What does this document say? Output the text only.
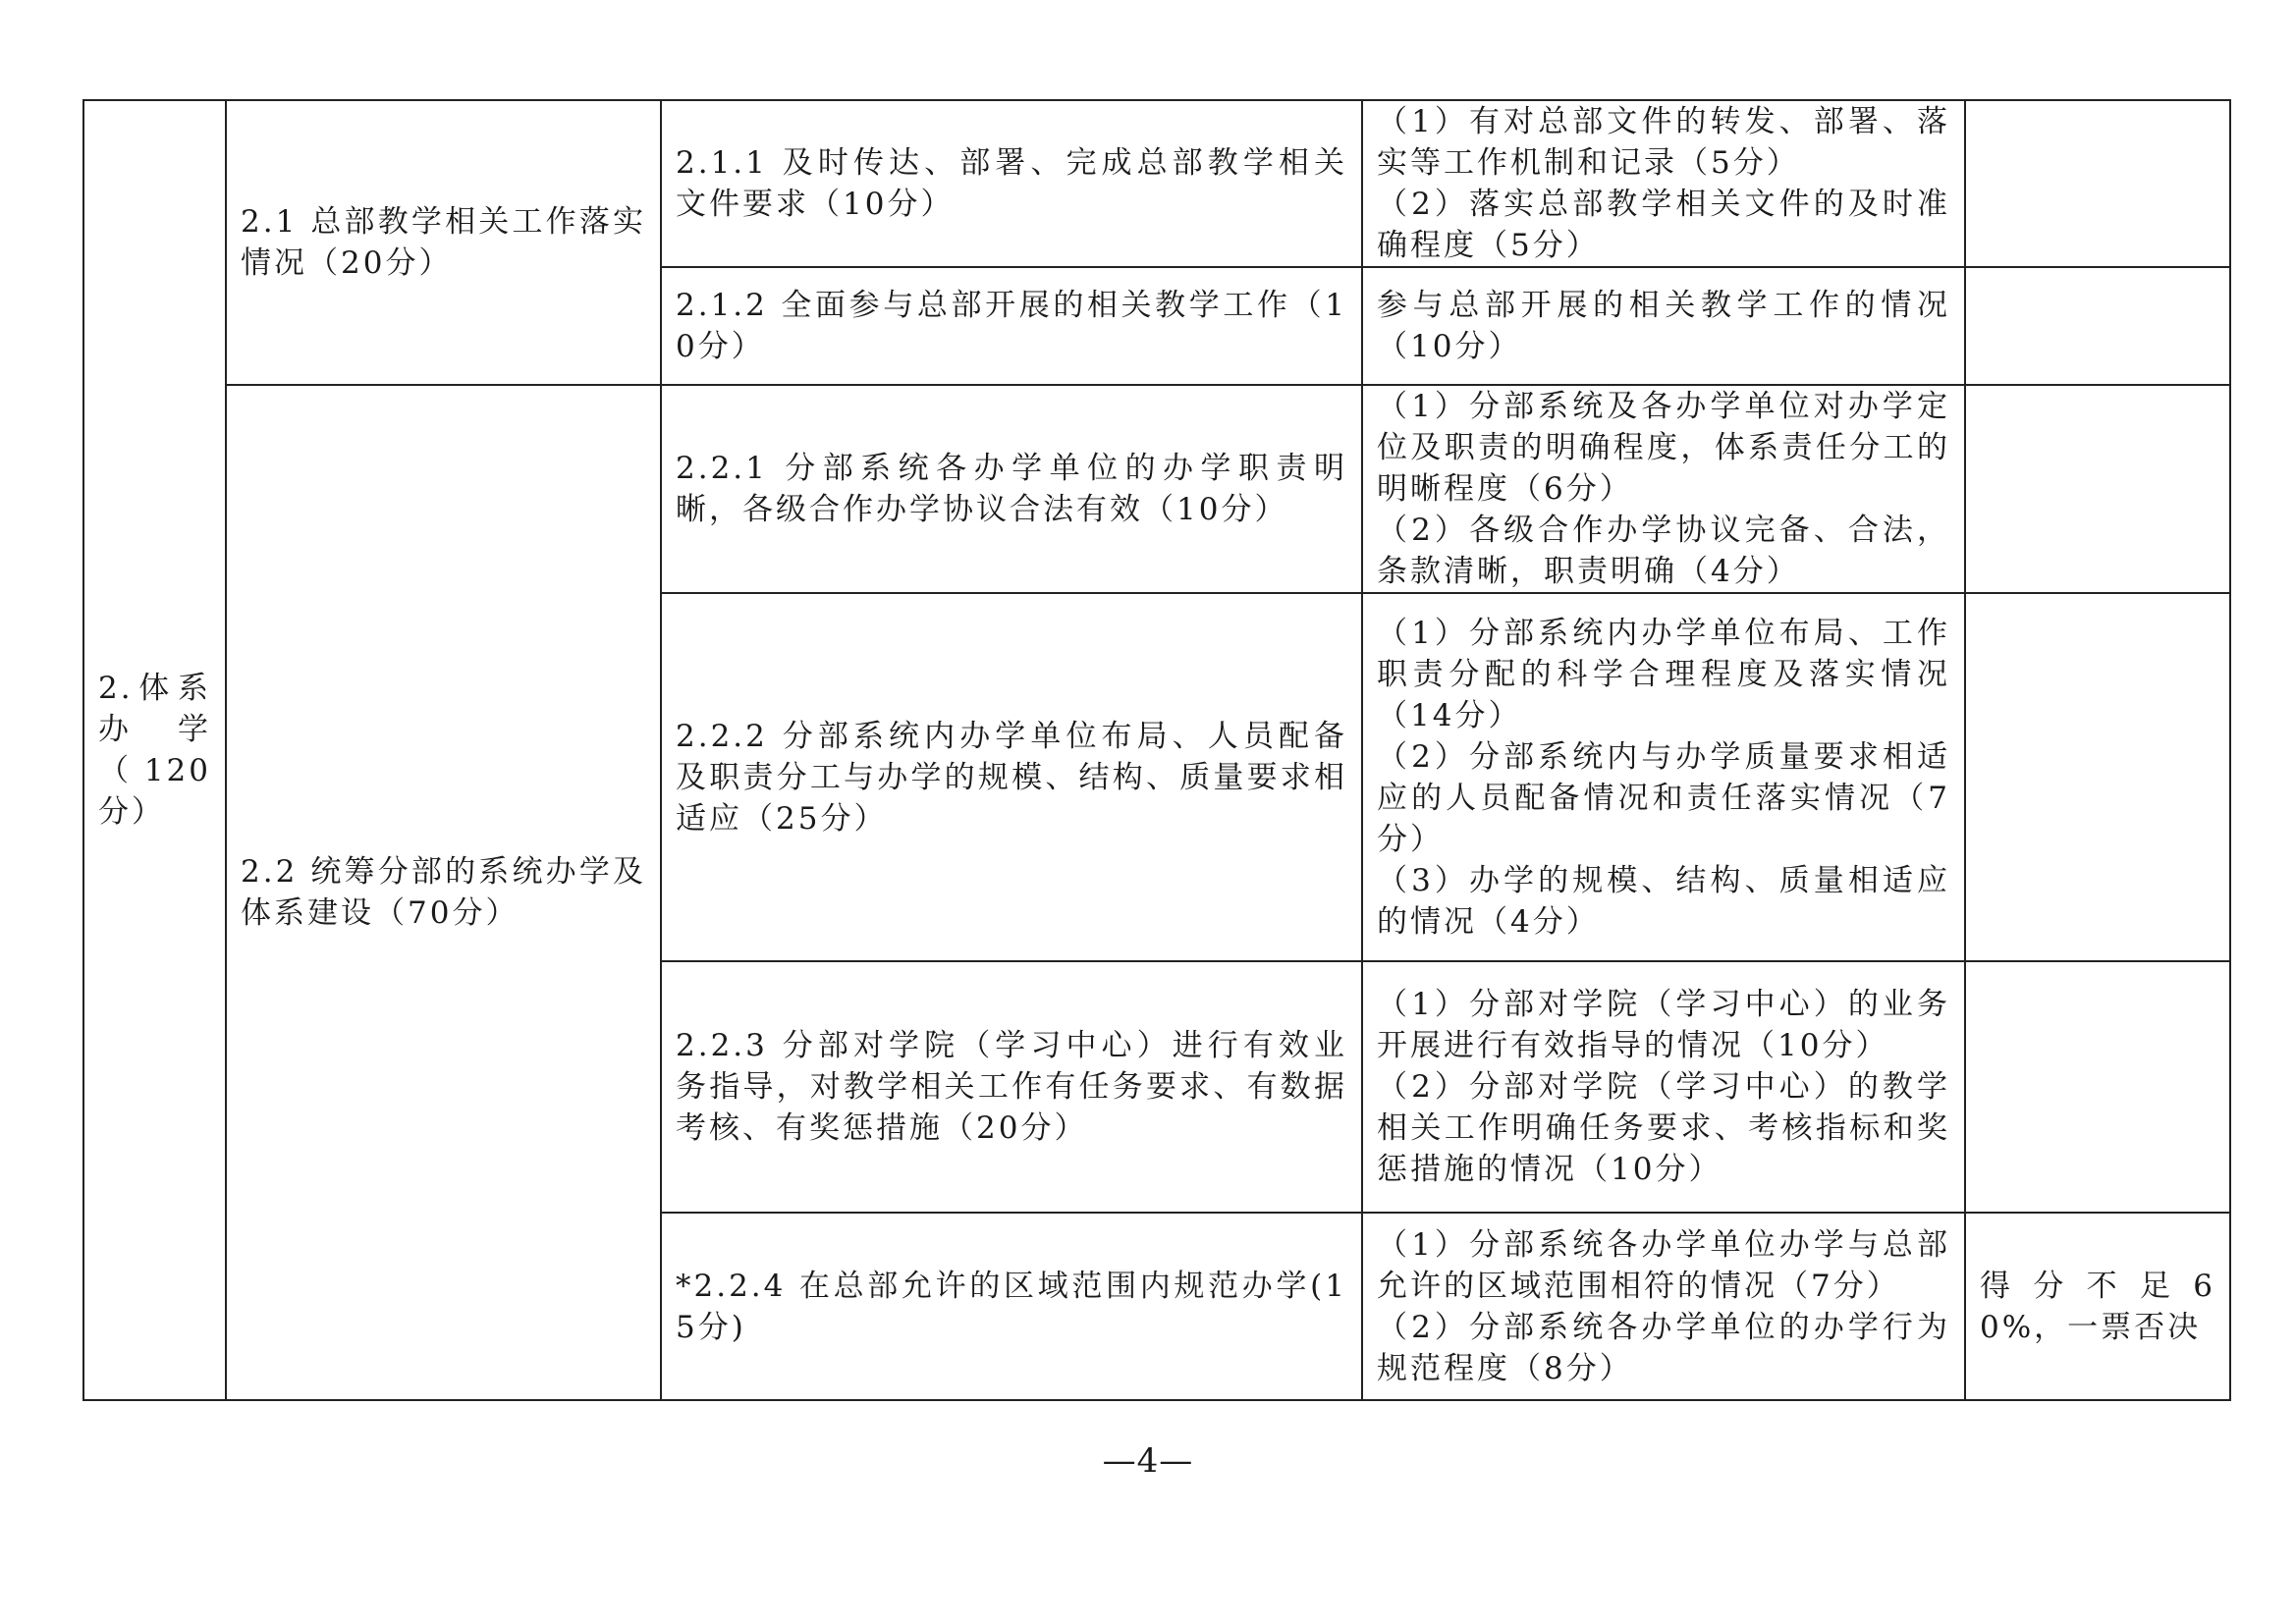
2.体系办学（120分）	2.1 总部教学相关工作落实情况（20分）	2.1.1 及时传达、部署、完成总部教学相关文件要求（10分）	（1）有对总部文件的转发、部署、落实等工作机制和记录（5分）

（2）落实总部教学相关文件的及时准确程度（5分）	

		2.1.2 全面参与总部开展的相关教学工作（10分）	参与总部开展的相关教学工作的情况（10分）	

	2.2 统筹分部的系统办学及体系建设（70分）	2.2.1 分部系统各办学单位的办学职责明晰，各级合作办学协议合法有效（10分）	（1）分部系统及各办学单位对办学定位及职责的明确程度，体系责任分工的明晰程度（6分）

（2）各级合作办学协议完备、合法，条款清晰，职责明确（4分）	

		2.2.2 分部系统内办学单位布局、人员配备及职责分工与办学的规模、结构、质量要求相适应（25分）	（1）分部系统内办学单位布局、工作职责分配的科学合理程度及落实情况（14分）

（2）分部系统内与办学质量要求相适应的人员配备情况和责任落实情况（7分）

（3）办学的规模、结构、质量相适应的情况（4分）	

		2.2.3 分部对学院（学习中心）进行有效业务指导，对教学相关工作有任务要求、有数据考核、有奖惩措施（20分）	（1）分部对学院（学习中心）的业务开展进行有效指导的情况（10分）

（2）分部对学院（学习中心）的教学相关工作明确任务要求、考核指标和奖惩措施的情况（10分）	

		*2.2.4 在总部允许的区域范围内规范办学(15分)	（1）分部系统各办学单位办学与总部允许的区域范围相符的情况（7分）

（2）分部系统各办学单位的办学行为规范程度（8分）	得分不足60%，一票否决
—4—
